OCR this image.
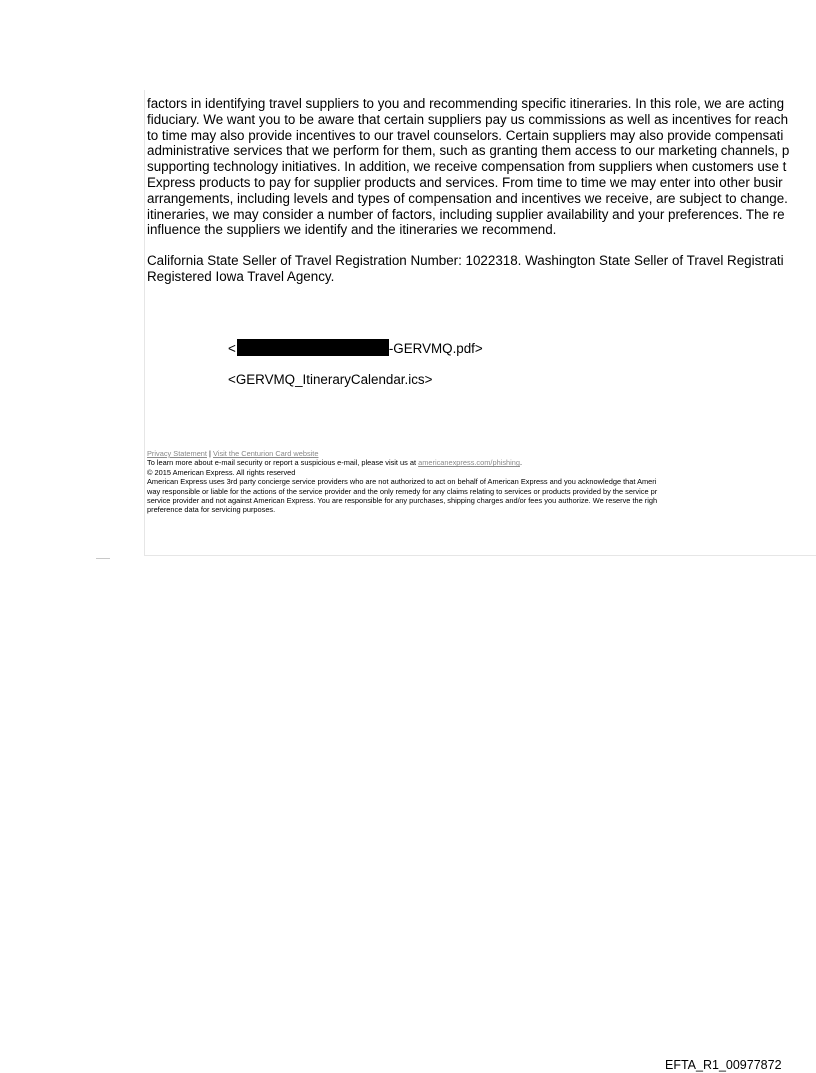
factors in identifying travel suppliers to you and recommending specific itineraries. In this role, we are acting
fiduciary. We want you to be aware that certain suppliers pay us commissions as well as incentives for reach
to time may also provide incentives to our travel counselors. Certain suppliers may also provide compensati
administrative services that we perform for them, such as granting them access to our marketing channels, p
supporting technology initiatives. In addition, we receive compensation from suppliers when customers use t
Express products to pay for supplier products and services. From time to time we may enter into other busir
arrangements, including levels and types of compensation and incentives we receive, are subject to change.
itineraries, we may consider a number of factors, including supplier availability and your preferences. The re
influence the suppliers we identify and the itineraries we recommend.
California State Seller of Travel Registration Number: 1022318. Washington State Seller of Travel Registrati
Registered Iowa Travel Agency.
<	-GERVMQ.pdf>
<GERVMQ_ItineraryCalendar.ics>
Privacy Statement | Visit the Centurion Card website
To learn more about e-mail security or report a suspicious e-mail, please visit us at americanexpress.com/phishing.
© 2015 American Express. All rights reserved
American Express uses 3rd party concierge service providers who are not authorized to act on behalf of American Express and you acknowledge that Ameri
way responsible or liable for the actions of the service provider and the only remedy for any claims relating to services or products provided by the service pr
service provider and not against American Express. You are responsible for any purchases, shipping charges and/or fees you authorize. We reserve the righ
preference data for servicing purposes.
EFTA_R1_00977872
